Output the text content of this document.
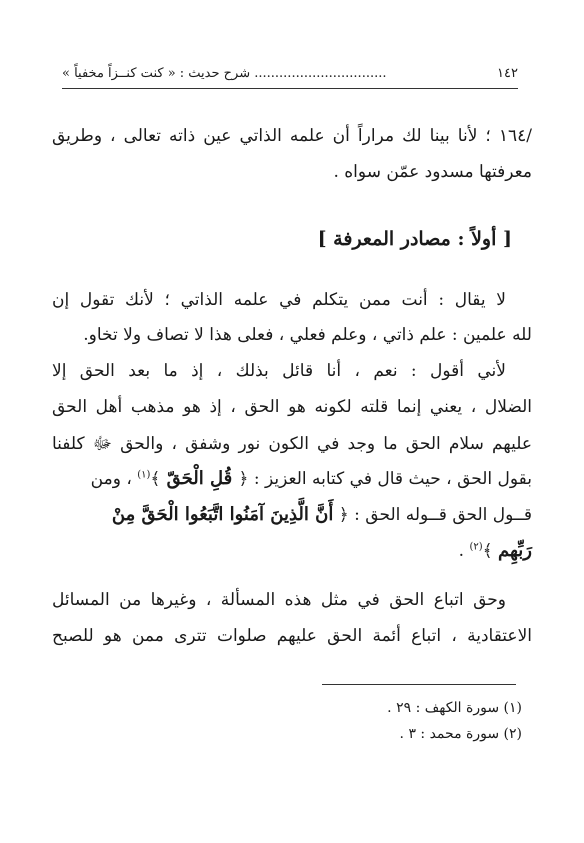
١٤٢
................................ شرح حديث : « كنت كنــزاً مخفياً »
/١٦٤ ؛ لأنا بينا لك مراراً أن علمه الذاتي عين ذاته تعالى ، وطريق
معرفتها مسدود عمّن سواه .
[ أولاً : مصادر المعرفة ]
لا يقال : أنت ممن يتكلم في علمه الذاتي ؛ لأنك تقول إن
لله علمين : علم ذاتي ، وعلم فعلي ، فعلى هذا لا تصاف ولا تخاو.
لأني أقول : نعم ، أنا قائل بذلك ، إذ ما بعد الحق إلا
الضلال ، يعني إنما قلته لكونه هو الحق ، إذ هو مذهب أهل الحق
عليهم سلام الحق ما وجد في الكون نور وشفق ، والحق ﷻ كلفنا
بقول الحق ، حيث قال في كتابه العزيز : ﴿ قُلِ الْحَقّ ﴾$^{(١)}$ ، ومن
قــول الحق قــوله الحق : ﴿ أَنَّ الَّذِينَ آمَنُوا اتَّبَعُوا الْحَقَّ مِنْ
رَبِّهِم ﴾$^{(٢)}$ .
وحق اتباع الحق في مثل هذه المسألة ، وغيرها من المسائل
الاعتقادية ، اتباع أئمة الحق عليهم صلوات تترى ممن هو للصبح
(١) سورة الكهف : ٢٩ .
(٢) سورة محمد : ٣ .
